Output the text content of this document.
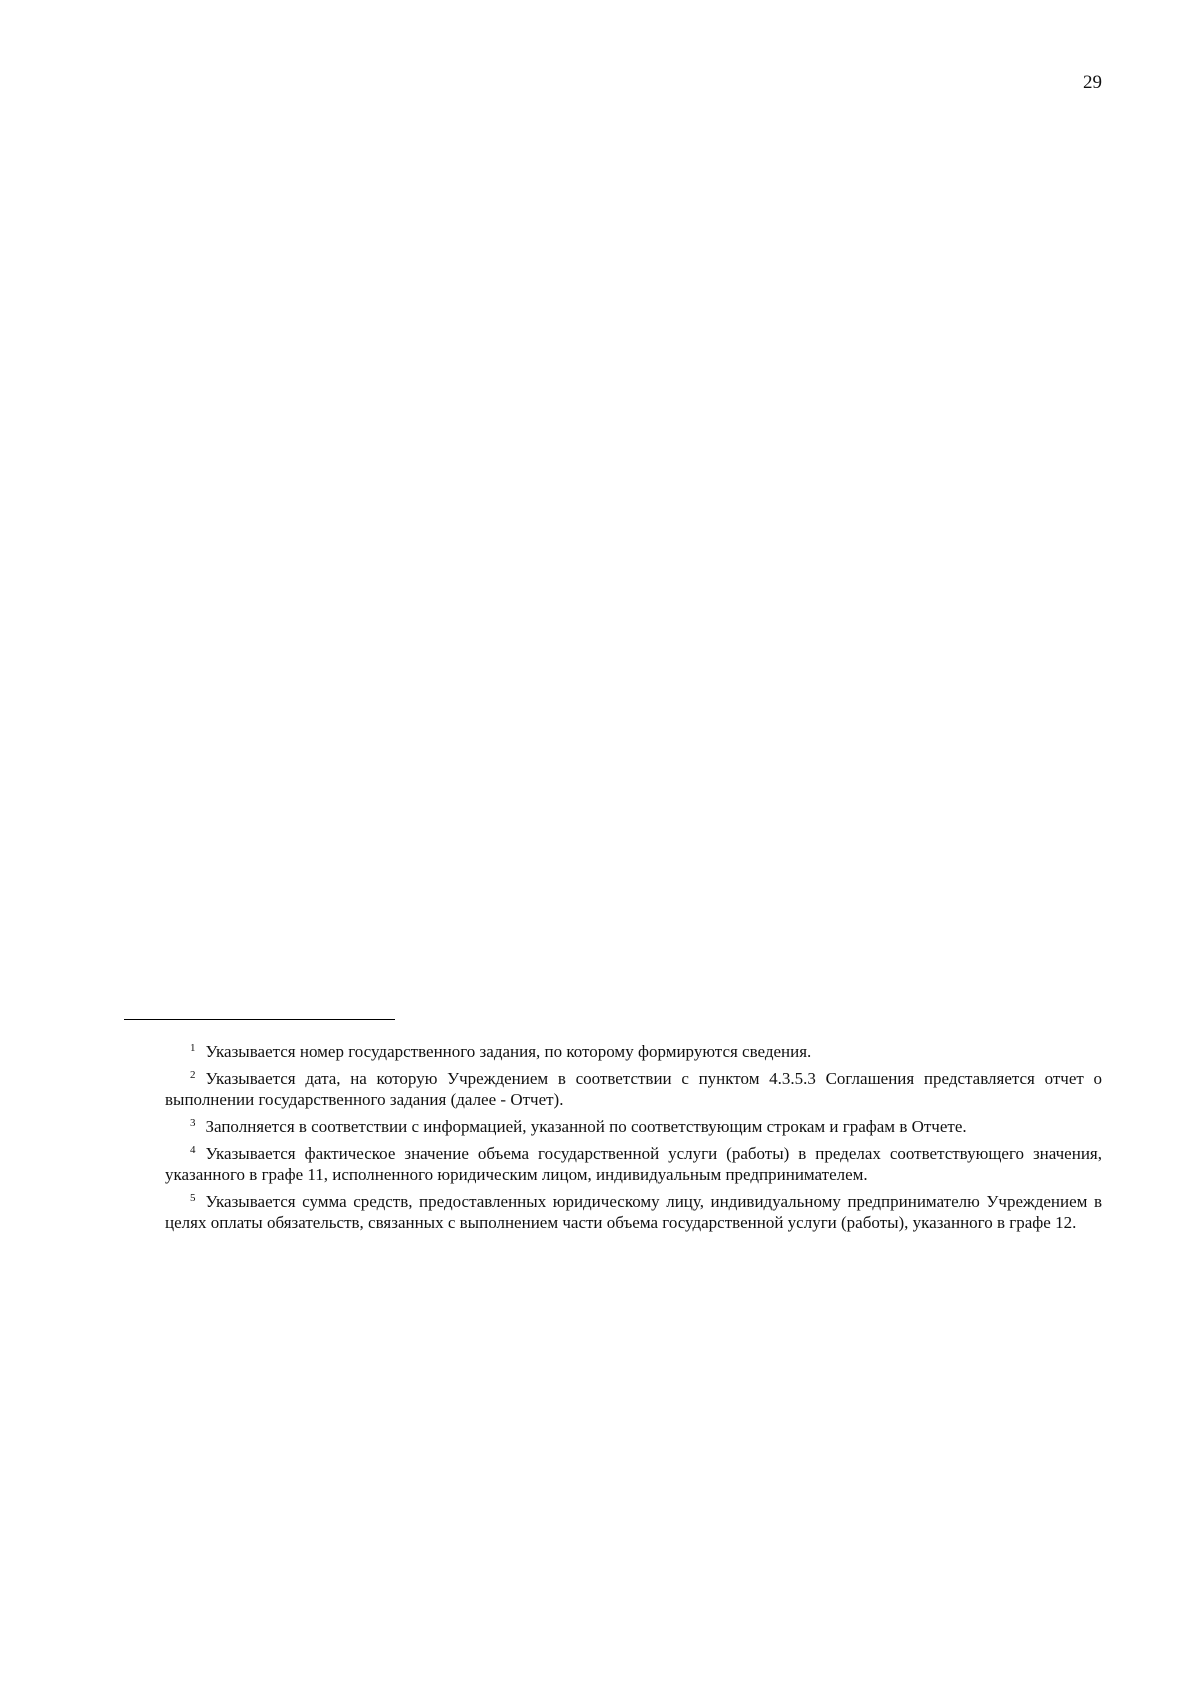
29

$^1$ Указывается номер государственного задания, по которому формируются сведения.

$^2$ Указывается дата, на которую Учреждением в соответствии с пунктом 4.3.5.3 Соглашения представляется отчет о выполнении государственного задания (далее - Отчет).

$^3$ Заполняется в соответствии с информацией, указанной по соответствующим строкам и графам в Отчете.

$^4$ Указывается фактическое значение объема государственной услуги (работы) в пределах соответствующего значения, указанного в графе 11, исполненного юридическим лицом, индивидуальным предпринимателем.

$^5$ Указывается сумма средств, предоставленных юридическому лицу, индивидуальному предпринимателю Учреждением в целях оплаты обязательств, связанных с выполнением части объема государственной услуги (работы), указанного в графе 12.
